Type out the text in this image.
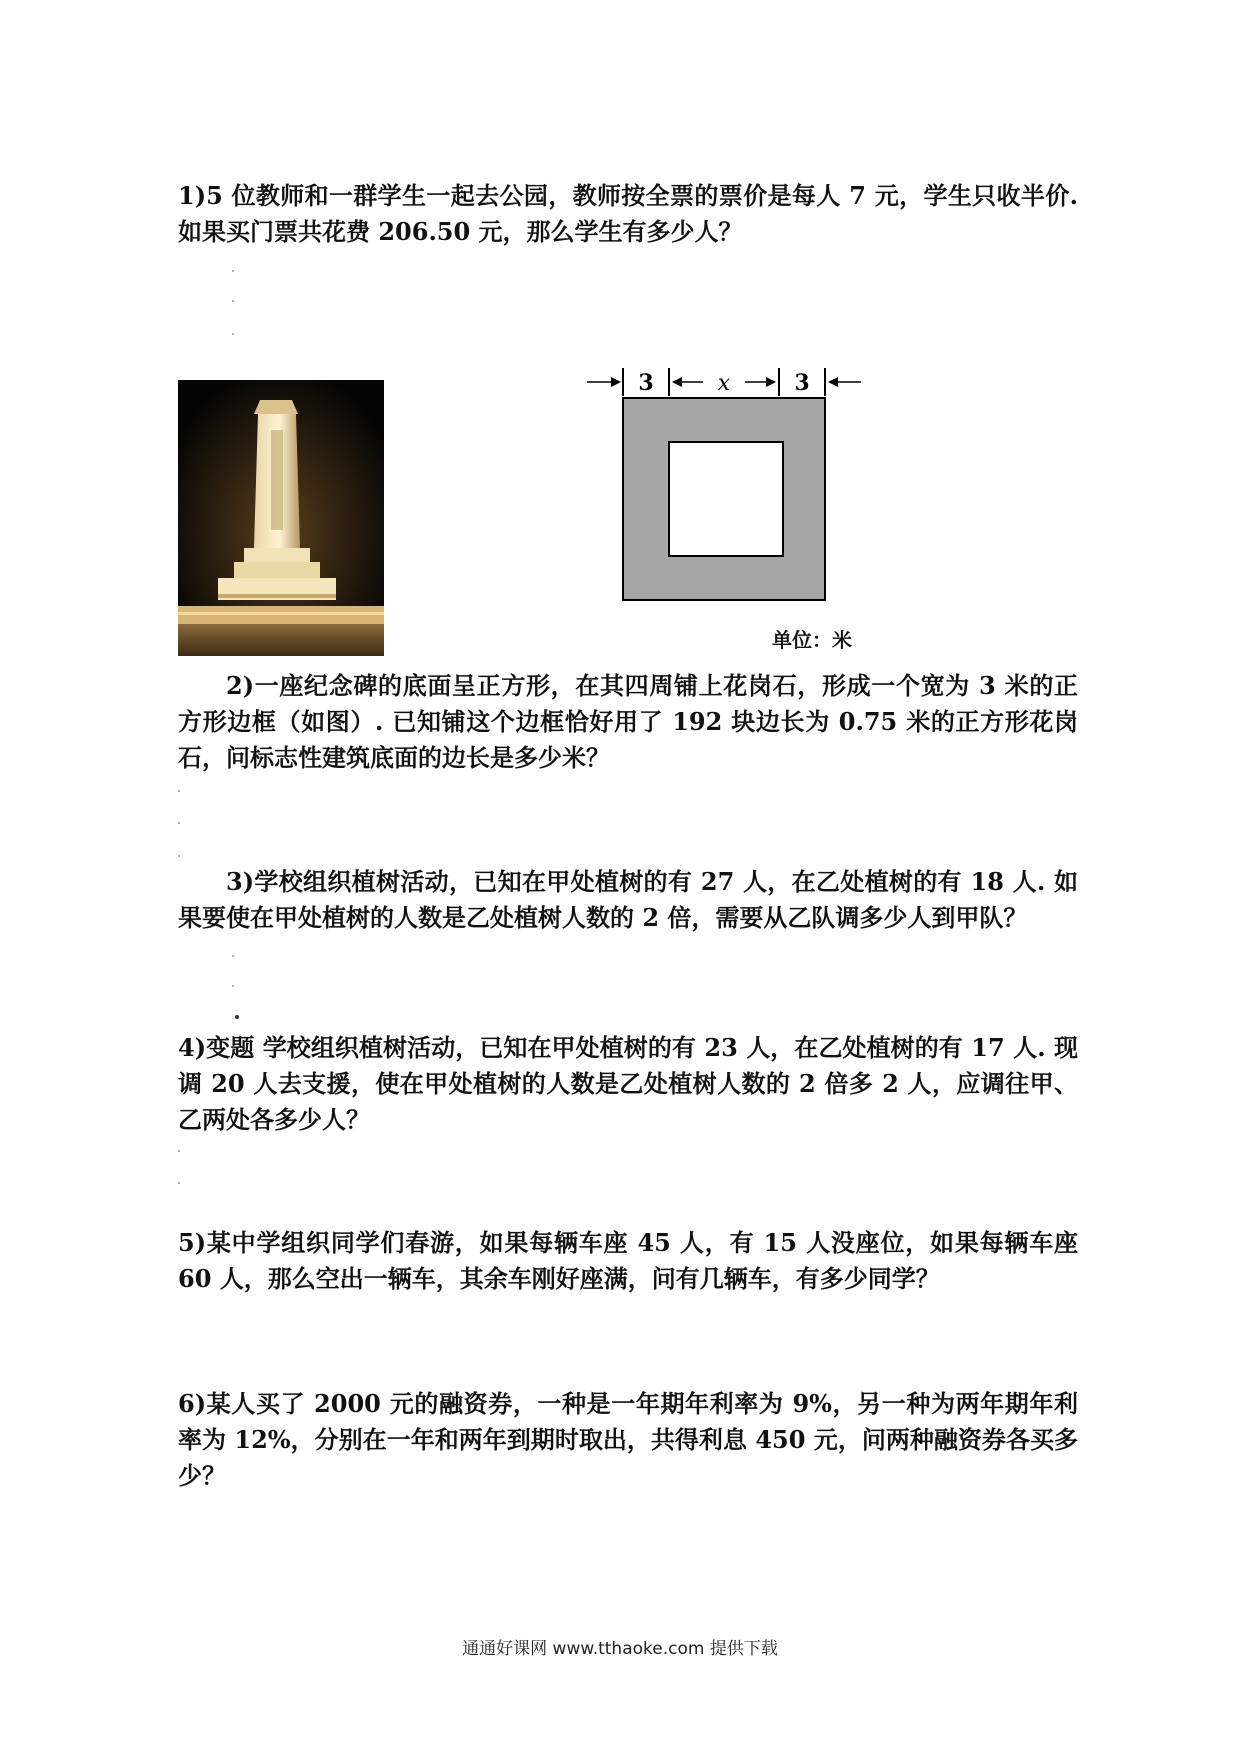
1)5 位教师和一群学生一起去公园，教师按全票的票价是每人 7 元，学生只收半价. 如果买门票共花费 206.50 元，那么学生有多少人？

3	x	3
单位：米

2)一座纪念碑的底面呈正方形，在其四周铺上花岗石，形成一个宽为 3 米的正方形边框（如图）. 已知铺这个边框恰好用了 192 块边长为 0.75 米的正方形花岗石，问标志性建筑底面的边长是多少米？

3)学校组织植树活动，已知在甲处植树的有 27 人，在乙处植树的有 18 人. 如果要使在甲处植树的人数是乙处植树人数的 2 倍，需要从乙队调多少人到甲队？

4)变题 学校组织植树活动，已知在甲处植树的有 23 人，在乙处植树的有 17 人. 现调 20 人去支援，使在甲处植树的人数是乙处植树人数的 2 倍多 2 人，应调往甲、乙两处各多少人？

5)某中学组织同学们春游，如果每辆车座 45 人，有 15 人没座位，如果每辆车座 60 人，那么空出一辆车，其余车刚好座满，问有几辆车，有多少同学？

6)某人买了 2000 元的融资券，一种是一年期年利率为 9%，另一种为两年期年利率为 12%，分别在一年和两年到期时取出，共得利息 450 元，问两种融资券各买多少？

通通好课网 www.tthaoke.com 提供下载
